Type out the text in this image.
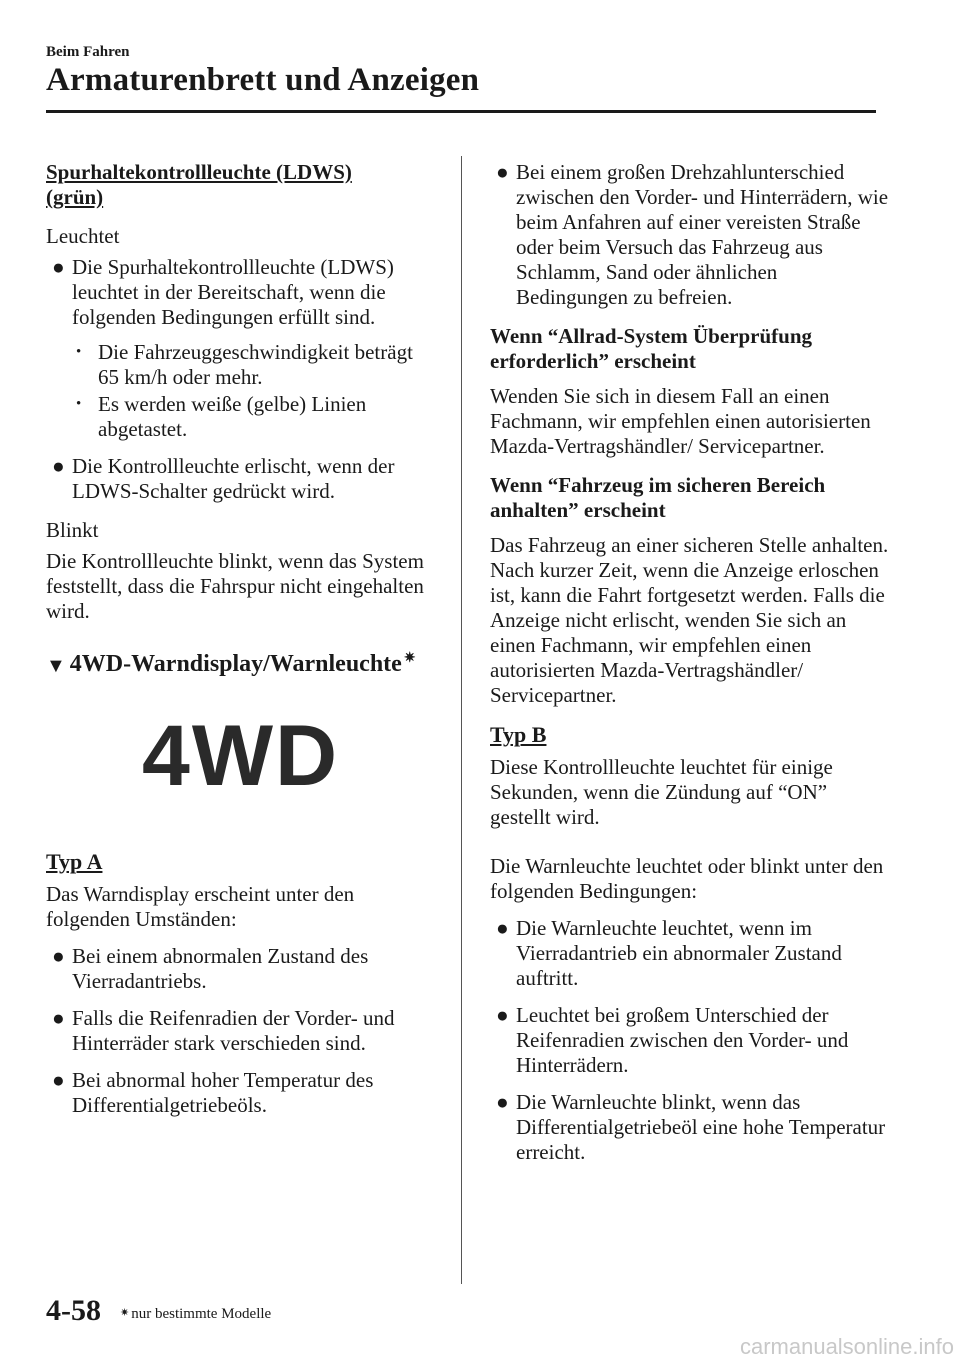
Beim Fahren
Armaturenbrett und Anzeigen

Spurhaltekontrollleuchte (LDWS)
(grün)

Leuchtet

● Die Spurhaltekontrollleuchte (LDWS) leuchtet in der Bereitschaft, wenn die folgenden Bedingungen erfüllt sind.

• Die Fahrzeuggeschwindigkeit beträgt 65 km/h oder mehr.

• Es werden weiße (gelbe) Linien abgetastet.

● Die Kontrollleuchte erlischt, wenn der LDWS-Schalter gedrückt wird.

Blinkt

Die Kontrollleuchte blinkt, wenn das System feststellt, dass die Fahrspur nicht eingehalten wird.

▼ 4WD-Warndisplay/Warnleuchte ✷
4WD

Typ A

Das Warndisplay erscheint unter den folgenden Umständen:

● Bei einem abnormalen Zustand des Vierradantriebs.

● Falls die Reifenradien der Vorder- und Hinterräder stark verschieden sind.

● Bei abnormal hoher Temperatur des Differentialgetriebeöls.

● Bei einem großen Drehzahlunterschied zwischen den Vorder- und Hinterrädern, wie beim Anfahren auf einer vereisten Straße oder beim Versuch das Fahrzeug aus Schlamm, Sand oder ähnlichen Bedingungen zu befreien.

Wenn “Allrad-System Überprüfung erforderlich” erscheint

Wenden Sie sich in diesem Fall an einen Fachmann, wir empfehlen einen autorisierten Mazda-Vertragshändler/ Servicepartner.

Wenn “Fahrzeug im sicheren Bereich anhalten” erscheint

Das Fahrzeug an einer sicheren Stelle anhalten. Nach kurzer Zeit, wenn die Anzeige erloschen ist, kann die Fahrt fortgesetzt werden. Falls die Anzeige nicht erlischt, wenden Sie sich an einen Fachmann, wir empfehlen einen autorisierten Mazda-Vertragshändler/ Servicepartner.

Typ B

Diese Kontrollleuchte leuchtet für einige Sekunden, wenn die Zündung auf “ON” gestellt wird.

Die Warnleuchte leuchtet oder blinkt unter den folgenden Bedingungen:

● Die Warnleuchte leuchtet, wenn im Vierradantrieb ein abnormaler Zustand auftritt.

● Leuchtet bei großem Unterschied der Reifenradien zwischen den Vorder- und Hinterrädern.

● Die Warnleuchte blinkt, wenn das Differentialgetriebeöl eine hohe Temperatur erreicht.

4-58 ✷ nur bestimmte Modelle
carmanualsonline.info
